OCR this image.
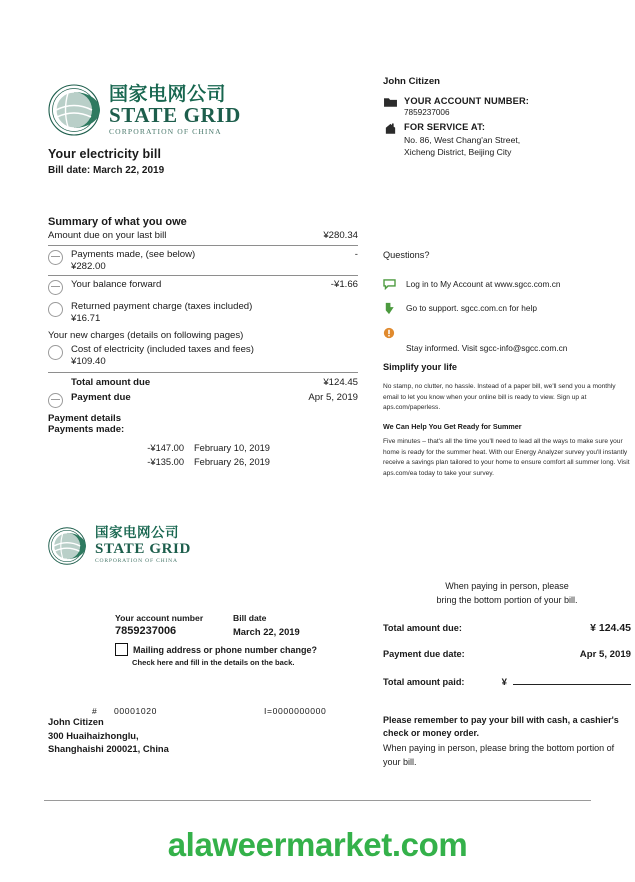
国家电网公司
STATE GRID
CORPORATION OF CHINA
Your electricity bill
Bill date: March 22, 2019
John Citizen
YOUR ACCOUNT NUMBER:
7859237006
FOR SERVICE AT:
No. 86, West Chang'an Street,
Xicheng District, Beijing City
Summary of what you owe
Amount due on your last bill	¥280.34
Payments made, (see below)	-
¥282.00
Your balance forward	-¥1.66
Returned payment charge (taxes included)
¥16.71
Your new charges (details on following pages)
Cost of electricity (included taxes and fees)
¥109.40
Total amount due	¥124.45
Payment due	Apr 5, 2019
Payment details
Payments made:
-¥147.00 February 10, 2019
-¥135.00 February 26, 2019
Questions?
Log in to My Account at www.sgcc.com.cn
Go to support. sgcc.com.cn for help
Stay informed. Visit sgcc-info@sgcc.com.cn
Simplify your life
No stamp, no clutter, no hassle. Instead of a paper bill, we'll send you a monthly email to let you know when your online bill is ready to view. Sign up at aps.com/paperless.
We Can Help You Get Ready for Summer
Five minutes – that's all the time you'll need to lead all the ways to make sure your home is ready for the summer heat. With our Energy Analyzer survey you'll instantly receive a savings plan tailored to your home to ensure comfort all summer long. Visit aps.com/ea today to take your survey.
国家电网公司
STATE GRID
CORPORATION OF CHINA
Your account number
7859237006
Bill date
March 22, 2019
Mailing address or phone number change?
Check here and fill in the details on the back.
#	00001020	I=0000000000
John Citizen
300 Huaihaizhonglu,
Shanghaishi 200021, China
When paying in person, please
bring the bottom portion of your bill.
Total amount due:	¥ 124.45
Payment due date:	Apr 5, 2019
Total amount paid:	¥
Please remember to pay your bill with cash, a cashier's check or money order.
When paying in person, please bring the bottom portion of your bill.
alaweermarket.com
